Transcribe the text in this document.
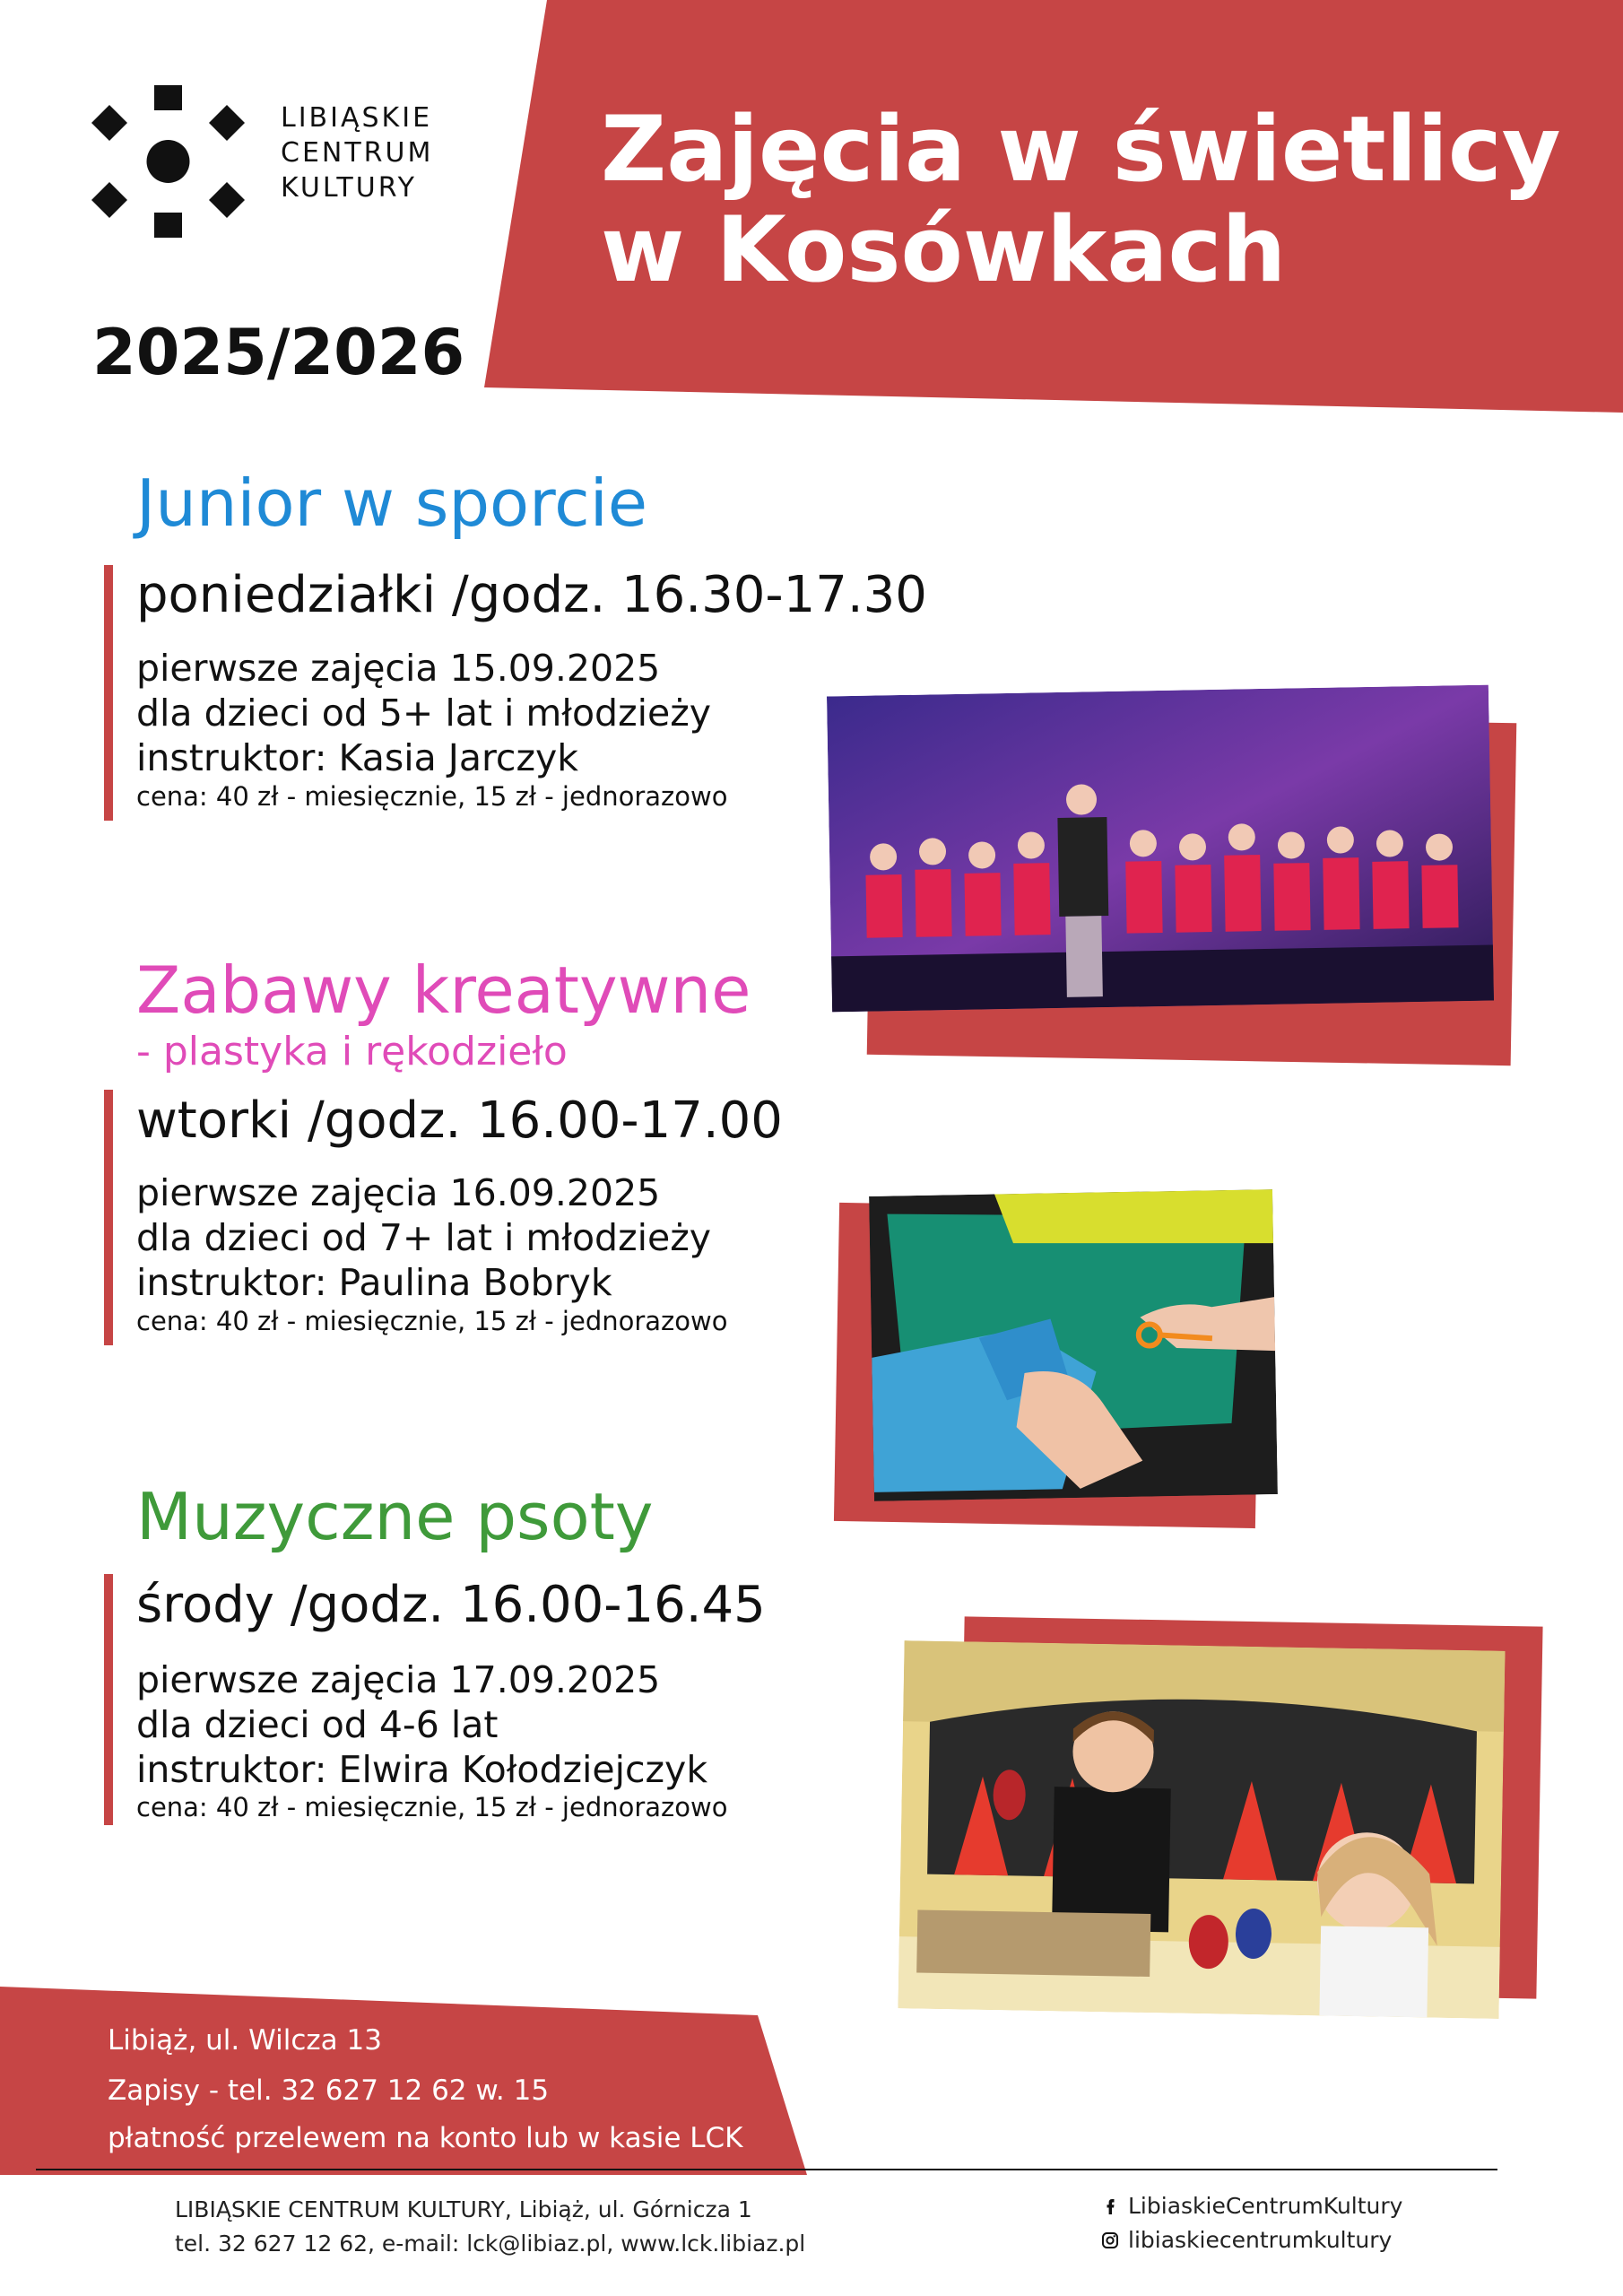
LIBIĄSKIE
CENTRUM
KULTURY
2025/2026
Zajęcia w świetlicy
w Kosówkach
Junior w sporcie
poniedziałki /godz. 16.30-17.30
pierwsze zajęcia 15.09.2025
dla dzieci od 5+ lat i młodzieży
instruktor: Kasia Jarczyk
cena: 40 zł - miesięcznie, 15 zł - jednorazowo
Zabawy kreatywne
- plastyka i rękodzieło
wtorki /godz. 16.00-17.00
pierwsze zajęcia 16.09.2025
dla dzieci od 7+ lat i młodzieży
instruktor: Paulina Bobryk
cena: 40 zł - miesięcznie, 15 zł - jednorazowo
Muzyczne psoty
środy /godz. 16.00-16.45
pierwsze zajęcia 17.09.2025
dla dzieci od 4-6 lat
instruktor: Elwira Kołodziejczyk
cena: 40 zł - miesięcznie, 15 zł - jednorazowo
Libiąż, ul. Wilcza 13
Zapisy - tel. 32 627 12 62 w. 15
płatność przelewem na konto lub w kasie LCK
LIBIĄSKIE CENTRUM KULTURY, Libiąż, ul. Górnicza 1
tel. 32 627 12 62, e-mail: lck@libiaz.pl, www.lck.libiaz.pl
LibiaskieCentrumKultury
libiaskiecentrumkultury
